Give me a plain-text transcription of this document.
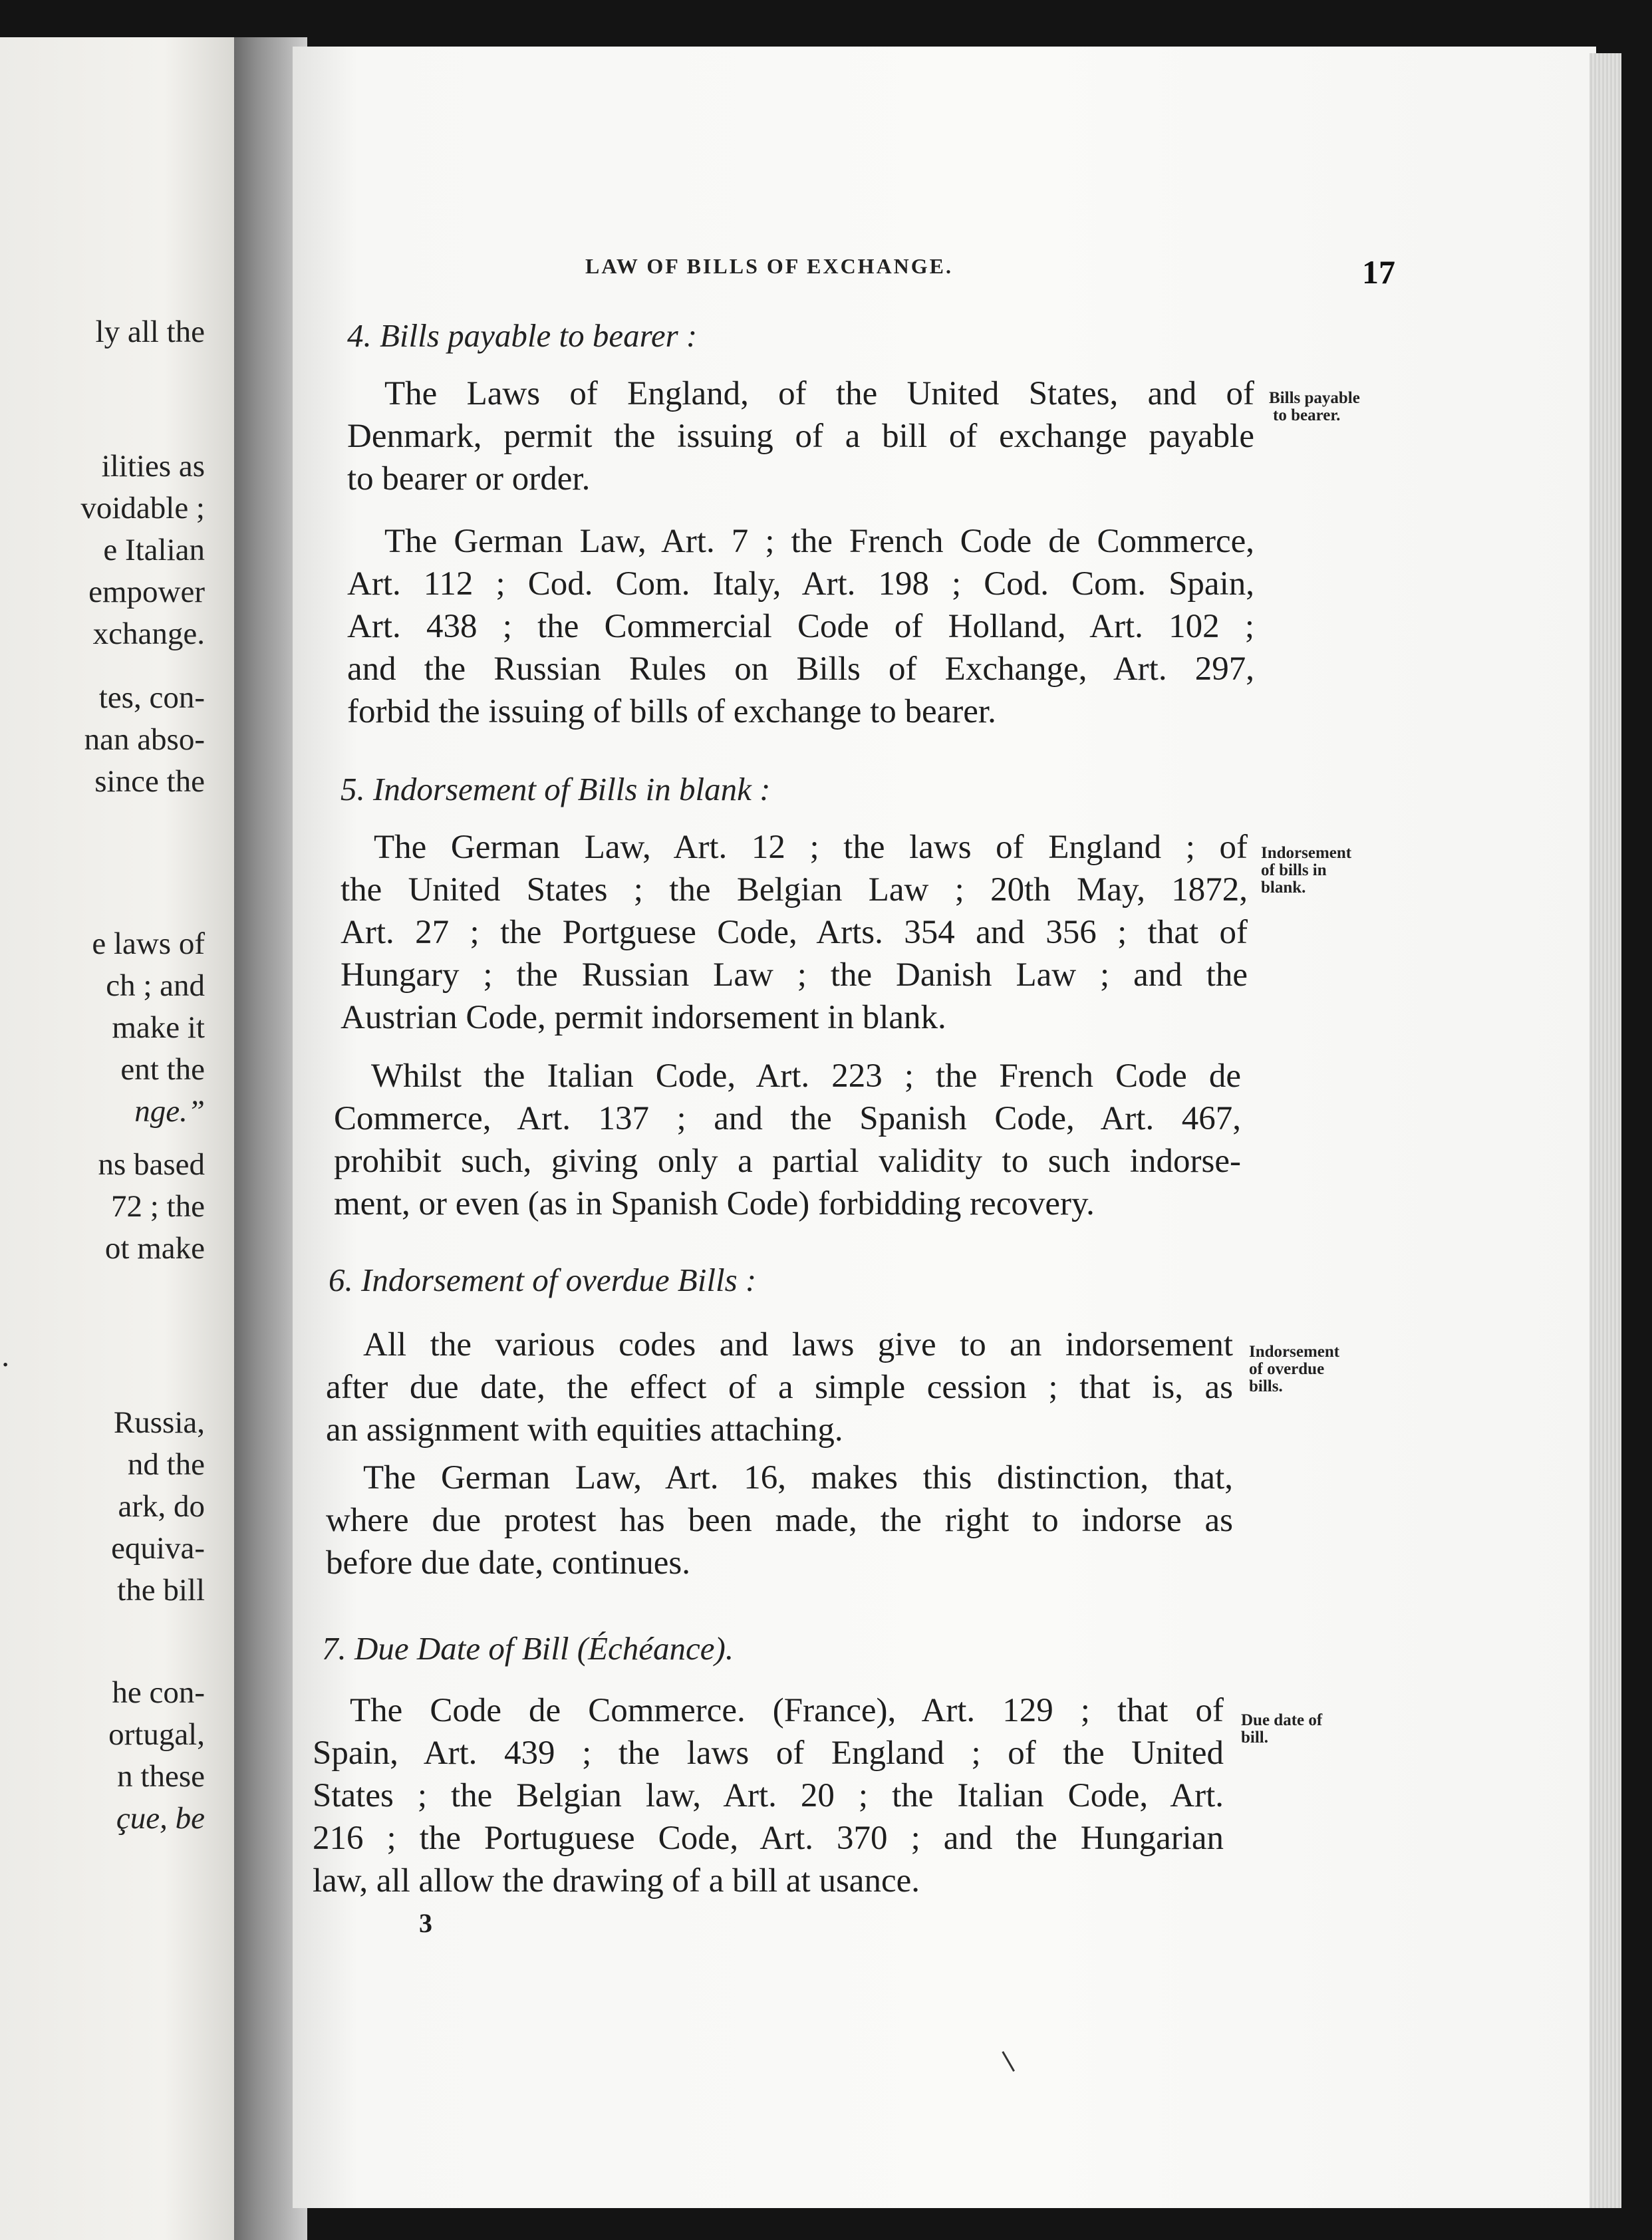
ly all the
ilities as
voidable ;
e Italian
empower
xchange.
tes, con-
nan abso-
since the
e laws of
ch ; and
make it
ent the
nge.”
ns based
72 ; the
ot make
.
Russia,
nd the
ark, do
equiva-
the bill
he con-
ortugal,
n these
çue, be
LAW OF BILLS OF EXCHANGE.	17
4. Bills payable to bearer :
Bills payable
to bearer.
The Laws of England, of the United States, and of
Denmark, permit the issuing of a bill of exchange payable
to bearer or order.
The German Law, Art. 7 ; the French Code de Commerce,
Art. 112 ; Cod. Com. Italy, Art. 198 ; Cod. Com. Spain,
Art. 438 ; the Commercial Code of Holland, Art. 102 ;
and the Russian Rules on Bills of Exchange, Art. 297,
forbid the issuing of bills of exchange to bearer.
5. Indorsement of Bills in blank :
Indorsement
of bills in
blank.
The German Law, Art. 12 ; the laws of England ; of
the United States ; the Belgian Law ; 20th May, 1872,
Art. 27 ; the Portguese Code, Arts. 354 and 356 ; that of
Hungary ; the Russian Law ; the Danish Law ; and the
Austrian Code, permit indorsement in blank.
Whilst the Italian Code, Art. 223 ; the French Code de
Commerce, Art. 137 ; and the Spanish Code, Art. 467,
prohibit such, giving only a partial validity to such indorse-
ment, or even (as in Spanish Code) forbidding recovery.
6. Indorsement of overdue Bills :
Indorsement
of overdue
bills.
All the various codes and laws give to an indorsement
after due date, the effect of a simple cession ; that is, as
an assignment with equities attaching.
The German Law, Art. 16, makes this distinction, that,
where due protest has been made, the right to indorse as
before due date, continues.
7. Due Date of Bill (Échéance).
Due date of
bill.
The Code de Commerce. (France), Art. 129 ; that of
Spain, Art. 439 ; the laws of England ; of the United
States ; the Belgian law, Art. 20 ; the Italian Code, Art.
216 ; the Portuguese Code, Art. 370 ; and the Hungarian
law, all allow the drawing of a bill at usance.
3
